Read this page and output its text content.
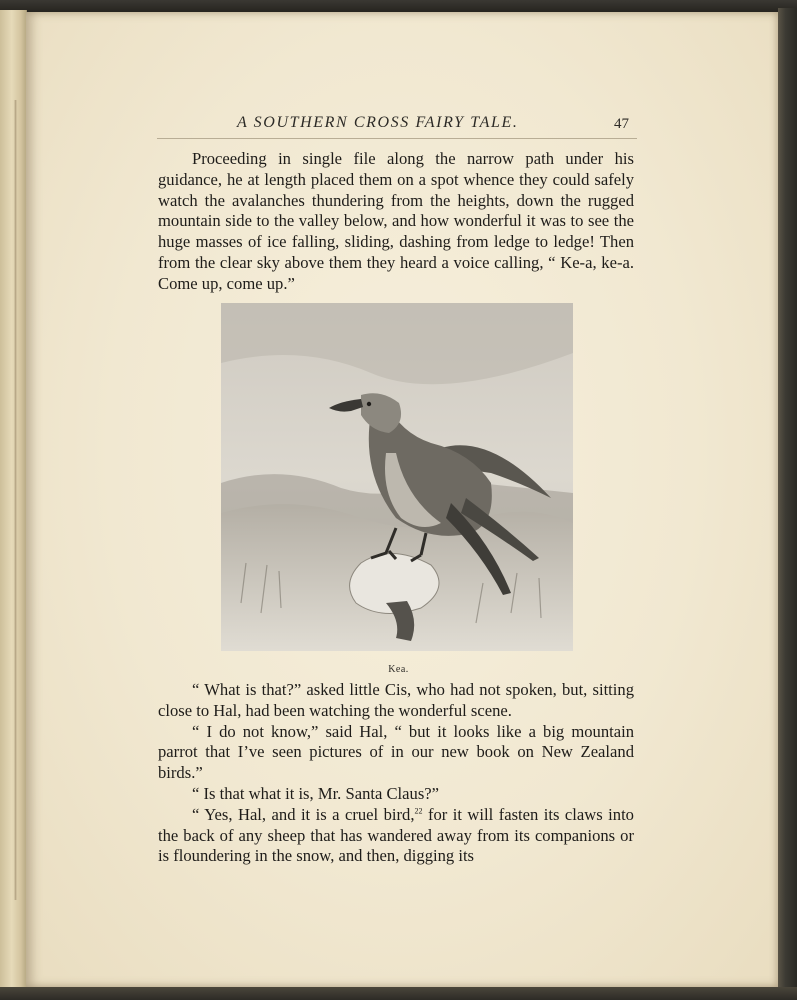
A SOUTHERN CROSS FAIRY TALE.	47

Proceeding in single file along the narrow path under his guidance, he at length placed them on a spot whence they could safely watch the avalanches thundering from the heights, down the rugged mountain side to the valley below, and how wonderful it was to see the huge masses of ice falling, sliding, dashing from ledge to ledge! Then from the clear sky above them they heard a voice calling, “ Ke-a, ke-a. Come up, come up.”

Kea.

“ What is that?” asked little Cis, who had not spoken, but, sitting close to Hal, had been watching the wonderful scene.

“ I do not know,” said Hal, “ but it looks like a big mountain parrot that I’ve seen pictures of in our new book on New Zealand birds.”

“ Is that what it is, Mr. Santa Claus?”

“ Yes, Hal, and it is a cruel bird,$^{22}$ for it will fasten its claws into the back of any sheep that has wandered away from its companions or is floundering in the snow, and then, digging its
